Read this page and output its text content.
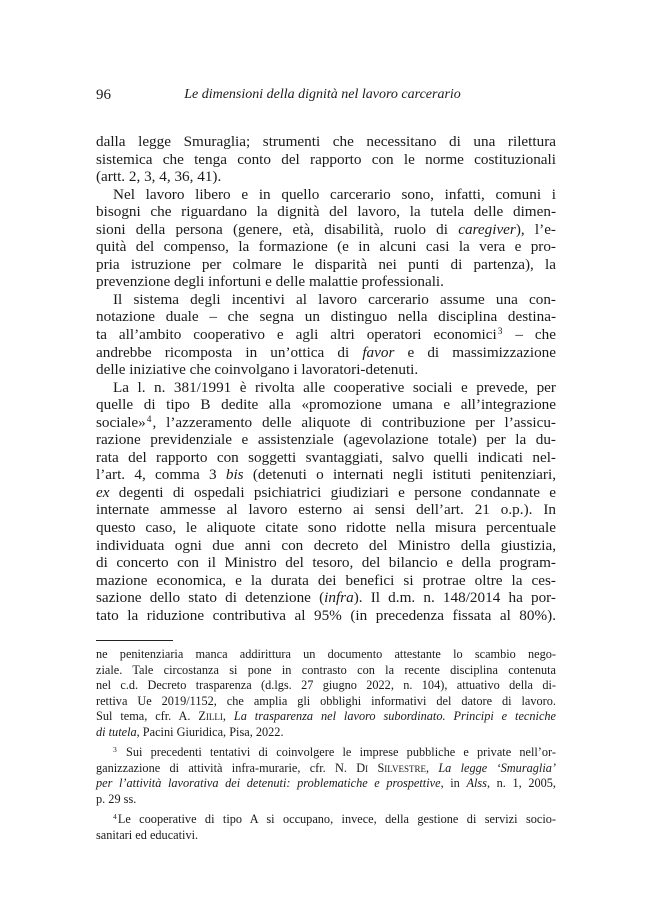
96	Le dimensioni della dignità nel lavoro carcerario
dalla legge Smuraglia; strumenti che necessitano di una rilettura
sistemica che tenga conto del rapporto con le norme costituzionali
(artt. 2, 3, 4, 36, 41).
Nel lavoro libero e in quello carcerario sono, infatti, comuni i
bisogni che riguardano la dignità del lavoro, la tutela delle dimen-
sioni della persona (genere, età, disabilità, ruolo di caregiver), l’e-
quità del compenso, la formazione (e in alcuni casi la vera e pro-
pria istruzione per colmare le disparità nei punti di partenza), la
prevenzione degli infortuni e delle malattie professionali.
Il sistema degli incentivi al lavoro carcerario assume una con-
notazione duale – che segna un distinguo nella disciplina destina-
ta all’ambito cooperativo e agli altri operatori economici$^3$ – che
andrebbe ricomposta in un’ottica di favor e di massimizzazione
delle iniziative che coinvolgano i lavoratori-detenuti.
La l. n. 381/1991 è rivolta alle cooperative sociali e prevede, per
quelle di tipo B dedite alla «promozione umana e all’integrazione
sociale»$^4$, l’azzeramento delle aliquote di contribuzione per l’assicu-
razione previdenziale e assistenziale (agevolazione totale) per la du-
rata del rapporto con soggetti svantaggiati, salvo quelli indicati nel-
l’art. 4, comma 3 bis (detenuti o internati negli istituti penitenziari,
ex degenti di ospedali psichiatrici giudiziari e persone condannate e
internate ammesse al lavoro esterno ai sensi dell’art. 21 o.p.). In
questo caso, le aliquote citate sono ridotte nella misura percentuale
individuata ogni due anni con decreto del Ministro della giustizia,
di concerto con il Ministro del tesoro, del bilancio e della program-
mazione economica, e la durata dei benefici si protrae oltre la ces-
sazione dello stato di detenzione (infra). Il d.m. n. 148/2014 ha por-
tato la riduzione contributiva al 95% (in precedenza fissata al 80%).
ne penitenziaria manca addirittura un documento attestante lo scambio nego-
ziale. Tale circostanza si pone in contrasto con la recente disciplina contenuta
nel c.d. Decreto trasparenza (d.lgs. 27 giugno 2022, n. 104), attuativo della di-
rettiva Ue 2019/1152, che amplia gli obblighi informativi del datore di lavoro.
Sul tema, cfr. A. Zilli, La trasparenza nel lavoro subordinato. Principi e tecniche
di tutela, Pacini Giuridica, Pisa, 2022.
$^3$ Sui precedenti tentativi di coinvolgere le imprese pubbliche e private nell’or-
ganizzazione di attività infra-murarie, cfr. N. Di Silvestre, La legge ‘Smuraglia’
per l’attività lavorativa dei detenuti: problematiche e prospettive, in Alss, n. 1, 2005,
p. 29 ss.
$^4$Le cooperative di tipo A si occupano, invece, della gestione di servizi socio-
sanitari ed educativi.
